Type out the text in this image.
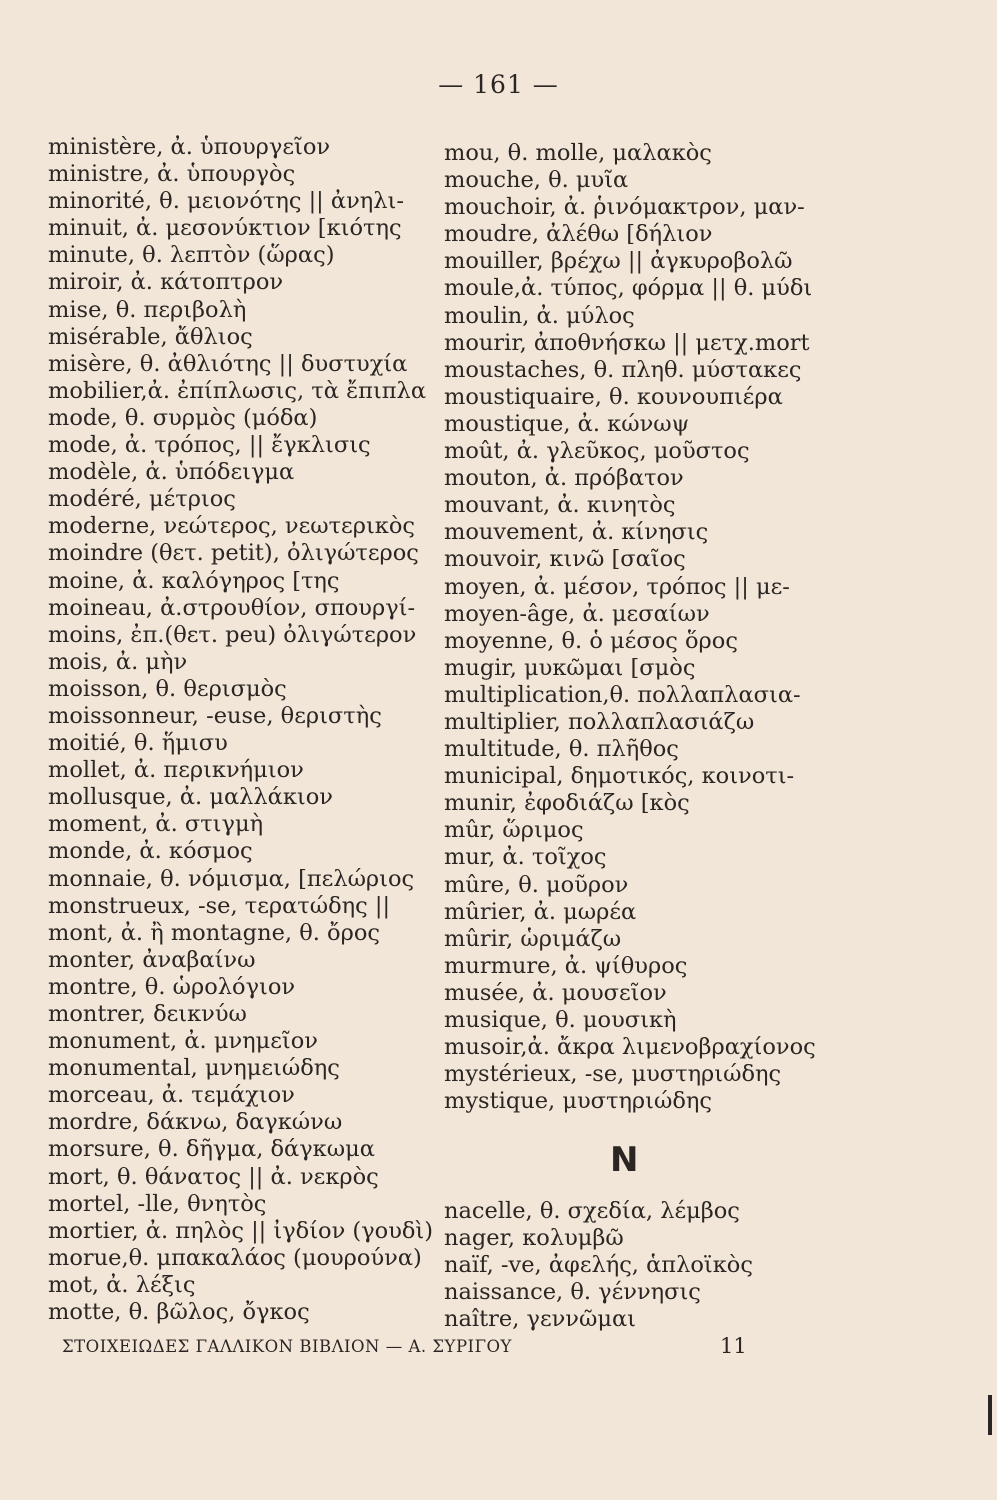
— 161 —
ministère, ἀ. ὑπουργεῖον
ministre, ἀ. ὑπουργὸς
minorité, θ. μειονότης || ἀνηλι-
minuit, ἀ. μεσονύκτιον [κιότης
minute, θ. λεπτὸν (ὥρας)
miroir, ἀ. κάτοπτρον
mise, θ. περιβολὴ
misérable, ἄθλιος
misère, θ. ἀθλιότης || δυστυχία
mobilier,ἀ. ἐπίπλωσις, τὰ ἔπιπλα
mode, θ. συρμὸς (μόδα)
mode, ἀ. τρόπος, || ἔγκλισις
modèle, ἀ. ὑπόδειγμα
modéré, μέτριος
moderne, νεώτερος, νεωτερικὸς
moindre (θετ. petit), ὀλιγώτερος
moine, ἀ. καλόγηρος [της
moineau, ἀ.στρουθίον, σπουργί-
moins, ἐπ.(θετ. peu) ὀλιγώτερον
mois, ἀ. μὴν
moisson, θ. θερισμὸς
moissonneur, -euse, θεριστὴς
moitié, θ. ἥμισυ
mollet, ἀ. περικνήμιον
mollusque, ἀ. μαλλάκιον
moment, ἀ. στιγμὴ
monde, ἀ. κόσμος
monnaie, θ. νόμισμα, [πελώριος
monstrueux, -se, τερατώδης ||
mont, ἀ. ἢ montagne, θ. ὄρος
monter, ἀναβαίνω
montre, θ. ὡρολόγιον
montrer, δεικνύω
monument, ἀ. μνημεῖον
monumental, μνημειώδης
morceau, ἀ. τεμάχιον
mordre, δάκνω, δαγκώνω
morsure, θ. δῆγμα, δάγκωμα
mort, θ. θάνατος || ἀ. νεκρὸς
mortel, -lle, θνητὸς
mortier, ἀ. πηλὸς || ἰγδίον (γουδὶ)
morue,θ. μπακαλάος (μουρούνα)
mot, ἀ. λέξις
motte, θ. βῶλος, ὄγκος
mou, θ. molle, μαλακὸς
mouche, θ. μυῖα
mouchoir, ἀ. ῥινόμακτρον, μαν-
moudre, ἀλέθω [δήλιον
mouiller, βρέχω || ἀγκυροβολῶ
moule,ἀ. τύπος, φόρμα || θ. μύδι
moulin, ἀ. μύλος
mourir, ἀποθνήσκω || μετχ.mort
moustaches, θ. πληθ. μύστακες
moustiquaire, θ. κουνουπιέρα
moustique, ἀ. κώνωψ
moût, ἀ. γλεῦκος, μοῦστος
mouton, ἀ. πρόβατον
mouvant, ἀ. κινητὸς
mouvement, ἀ. κίνησις
mouvoir, κινῶ [σαῖος
moyen, ἀ. μέσον, τρόπος || με-
moyen-âge, ἀ. μεσαίων
moyenne, θ. ὁ μέσος ὅρος
mugir, μυκῶμαι [σμὸς
multiplication,θ. πολλαπλασια-
multiplier, πολλαπλασιάζω
multitude, θ. πλῆθος
municipal, δημοτικός, κοινοτι-
munir, ἐφοδιάζω [κὸς
mûr, ὥριμος
mur, ἀ. τοῖχος
mûre, θ. μοῦρον
mûrier, ἀ. μωρέα
mûrir, ὡριμάζω
murmure, ἀ. ψίθυρος
musée, ἀ. μουσεῖον
musique, θ. μουσικὴ
musoir,ἀ. ἄκρα λιμενοβραχίονος
mystérieux, -se, μυστηριώδης
mystique, μυστηριώδης
N
nacelle, θ. σχεδία, λέμβος
nager, κολυμβῶ
naïf, -ve, ἀφελής, ἁπλοϊκὸς
naissance, θ. γέννησις
naître, γεννῶμαι
ΣΤΟΙΧΕΙΩΔΕΣ ΓΑΛΛΙΚΟΝ ΒΙΒΛΙΟΝ — Α. ΣΥΡΙΓΟΥ	11
